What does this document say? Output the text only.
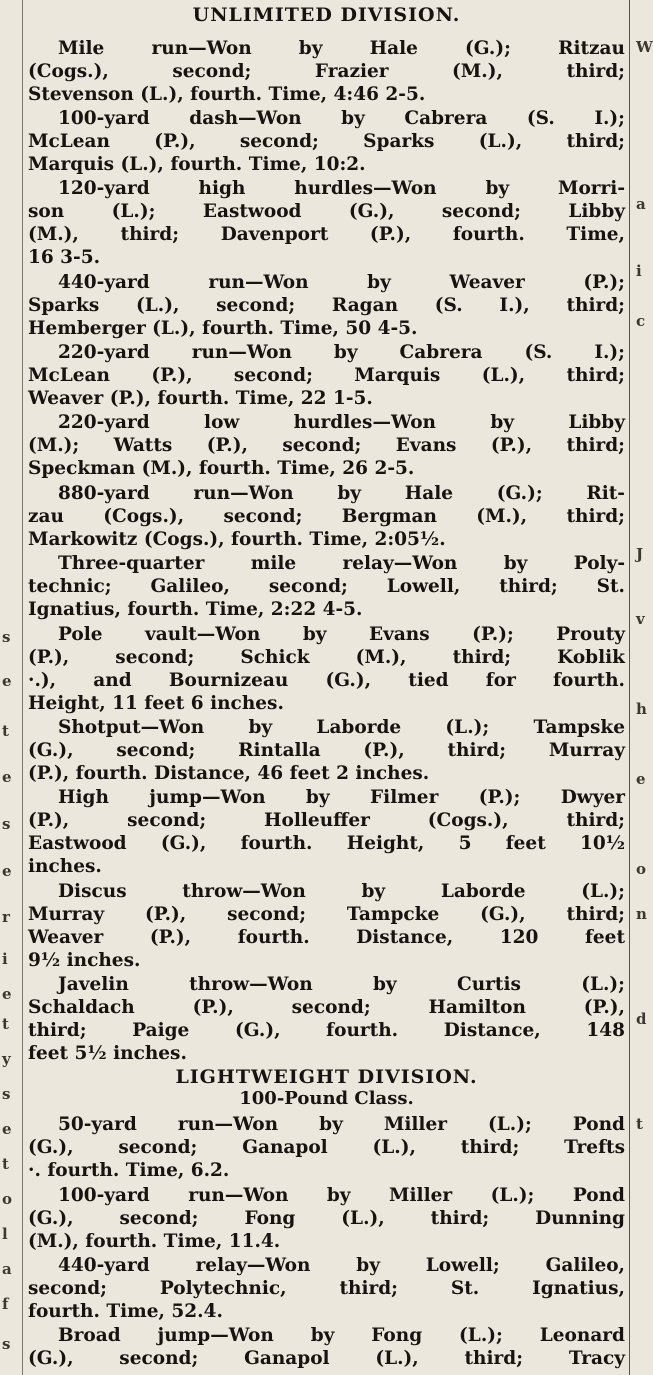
s
e
t
e
s
e
r
i
e
t
y
s
e
t
o
l
a
f
s
W
a
i
c
J
v
h
e
o
n
d
t
UNLIMITED DIVISION.
Mile run—Won by Hale (G.); Ritzau
(Cogs.), second; Frazier (M.), third;
Stevenson (L.), fourth. Time, 4:46 2-5.
100-yard dash—Won by Cabrera (S. I.);
McLean (P.), second; Sparks (L.), third;
Marquis (L.), fourth. Time, 10:2.
120-yard high hurdles—Won by Morri-
son (L.); Eastwood (G.), second; Libby
(M.), third; Davenport (P.), fourth. Time,
16 3-5.
440-yard run—Won by Weaver (P.);
Sparks (L.), second; Ragan (S. I.), third;
Hemberger (L.), fourth. Time, 50 4-5.
220-yard run—Won by Cabrera (S. I.);
McLean (P.), second; Marquis (L.), third;
Weaver (P.), fourth. Time, 22 1-5.
220-yard low hurdles—Won by Libby
(M.); Watts (P.), second; Evans (P.), third;
Speckman (M.), fourth. Time, 26 2-5.
880-yard run—Won by Hale (G.); Rit-
zau (Cogs.), second; Bergman (M.), third;
Markowitz (Cogs.), fourth. Time, 2:05½.
Three-quarter mile relay—Won by Poly-
technic; Galileo, second; Lowell, third; St.
Ignatius, fourth. Time, 2:22 4-5.
Pole vault—Won by Evans (P.); Prouty
(P.), second; Schick (M.), third; Koblik
·.), and Bournizeau (G.), tied for fourth.
Height, 11 feet 6 inches.
Shotput—Won by Laborde (L.); Tampske
(G.), second; Rintalla (P.), third; Murray
(P.), fourth. Distance, 46 feet 2 inches.
High jump—Won by Filmer (P.); Dwyer
(P.), second; Holleuffer (Cogs.), third;
Eastwood (G.), fourth. Height, 5 feet 10½
inches.
Discus throw—Won by Laborde (L.);
Murray (P.), second; Tampcke (G.), third;
Weaver (P.), fourth. Distance, 120 feet
9½ inches.
Javelin throw—Won by Curtis (L.);
Schaldach (P.), second; Hamilton (P.),
third; Paige (G.), fourth. Distance, 148
feet 5½ inches.
LIGHTWEIGHT DIVISION.
100-Pound Class.
50-yard run—Won by Miller (L.); Pond
(G.), second; Ganapol (L.), third; Trefts
·. fourth. Time, 6.2.
100-yard run—Won by Miller (L.); Pond
(G.), second; Fong (L.), third; Dunning
(M.), fourth. Time, 11.4.
440-yard relay—Won by Lowell; Galileo,
second; Polytechnic, third; St. Ignatius,
fourth. Time, 52.4.
Broad jump—Won by Fong (L.); Leonard
(G.), second; Ganapol (L.), third; Tracy
